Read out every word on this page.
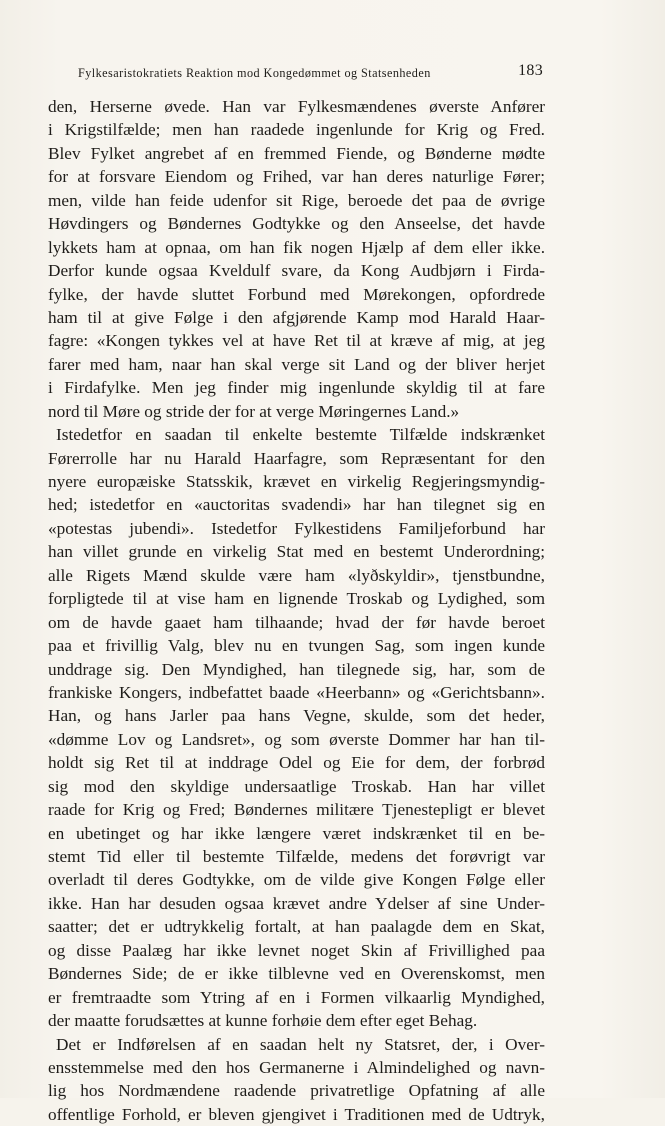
Fylkesaristokratiets Reaktion mod Kongedømmet og Statsenheden	183
den, Herserne øvede. Han var Fylkesmændenes øverste Anfører
i Krigstilfælde; men han raadede ingenlunde for Krig og Fred.
Blev Fylket angrebet af en fremmed Fiende, og Bønderne mødte
for at forsvare Eiendom og Frihed, var han deres naturlige Fører;
men, vilde han feide udenfor sit Rige, beroede det paa de øvrige
Høvdingers og Bøndernes Godtykke og den Anseelse, det havde
lykkets ham at opnaa, om han fik nogen Hjælp af dem eller ikke.
Derfor kunde ogsaa Kveldulf svare, da Kong Audbjørn i Firda-
fylke, der havde sluttet Forbund med Mørekongen, opfordrede
ham til at give Følge i den afgjørende Kamp mod Harald Haar-
fagre: «Kongen tykkes vel at have Ret til at kræve af mig, at jeg
farer med ham, naar han skal verge sit Land og der bliver herjet
i Firdafylke. Men jeg finder mig ingenlunde skyldig til at fare
nord til Møre og stride der for at verge Møringernes Land.»
Istedetfor en saadan til enkelte bestemte Tilfælde indskrænket
Førerrolle har nu Harald Haarfagre, som Repræsentant for den
nyere europæiske Statsskik, krævet en virkelig Regjeringsmyndig-
hed; istedetfor en «auctoritas svadendi» har han tilegnet sig en
«potestas jubendi». Istedetfor Fylkestidens Familjeforbund har
han villet grunde en virkelig Stat med en bestemt Underordning;
alle Rigets Mænd skulde være ham «lyðskyldir», tjenstbundne,
forpligtede til at vise ham en lignende Troskab og Lydighed, som
om de havde gaaet ham tilhaande; hvad der før havde beroet
paa et frivillig Valg, blev nu en tvungen Sag, som ingen kunde
unddrage sig. Den Myndighed, han tilegnede sig, har, som de
frankiske Kongers, indbefattet baade «Heerbann» og «Gerichtsbann».
Han, og hans Jarler paa hans Vegne, skulde, som det heder,
«dømme Lov og Landsret», og som øverste Dommer har han til-
holdt sig Ret til at inddrage Odel og Eie for dem, der forbrød
sig mod den skyldige undersaatlige Troskab. Han har villet
raade for Krig og Fred; Bøndernes militære Tjenestepligt er blevet
en ubetinget og har ikke længere været indskrænket til en be-
stemt Tid eller til bestemte Tilfælde, medens det forøvrigt var
overladt til deres Godtykke, om de vilde give Kongen Følge eller
ikke. Han har desuden ogsaa krævet andre Ydelser af sine Under-
saatter; det er udtrykkelig fortalt, at han paalagde dem en Skat,
og disse Paalæg har ikke levnet noget Skin af Frivillighed paa
Bøndernes Side; de er ikke tilblevne ved en Overenskomst, men
er fremtraadte som Ytring af en i Formen vilkaarlig Myndighed,
der maatte forudsættes at kunne forhøie dem efter eget Behag.
Det er Indførelsen af en saadan helt ny Statsret, der, i Over-
ensstemmelse med den hos Germanerne i Almindelighed og navn-
lig hos Nordmændene raadende privatretlige Opfatning af alle
offentlige Forhold, er bleven gjengivet i Traditionen med de Udtryk,
